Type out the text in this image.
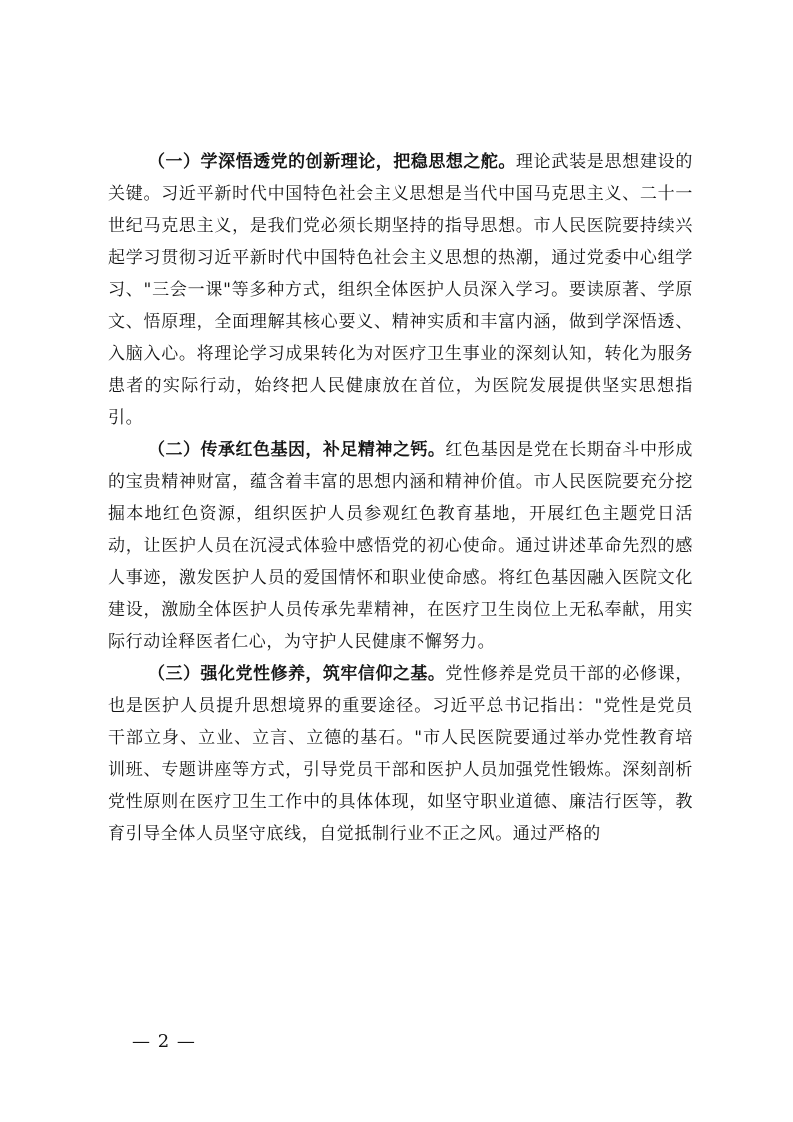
（一）学深悟透党的创新理论，把稳思想之舵。理论武装是思想建设的关键。习近平新时代中国特色社会主义思想是当代中国马克思主义、二十一世纪马克思主义，是我们党必须长期坚持的指导思想。市人民医院要持续兴起学习贯彻习近平新时代中国特色社会主义思想的热潮，通过党委中心组学习、"三会一课"等多种方式，组织全体医护人员深入学习。要读原著、学原文、悟原理，全面理解其核心要义、精神实质和丰富内涵，做到学深悟透、入脑入心。将理论学习成果转化为对医疗卫生事业的深刻认知，转化为服务患者的实际行动，始终把人民健康放在首位，为医院发展提供坚实思想指引。

（二）传承红色基因，补足精神之钙。红色基因是党在长期奋斗中形成的宝贵精神财富，蕴含着丰富的思想内涵和精神价值。市人民医院要充分挖掘本地红色资源，组织医护人员参观红色教育基地，开展红色主题党日活动，让医护人员在沉浸式体验中感悟党的初心使命。通过讲述革命先烈的感人事迹，激发医护人员的爱国情怀和职业使命感。将红色基因融入医院文化建设，激励全体医护人员传承先辈精神，在医疗卫生岗位上无私奉献，用实际行动诠释医者仁心，为守护人民健康不懈努力。

（三）强化党性修养，筑牢信仰之基。党性修养是党员干部的必修课，也是医护人员提升思想境界的重要途径。习近平总书记指出："党性是党员干部立身、立业、立言、立德的基石。"市人民医院要通过举办党性教育培训班、专题讲座等方式，引导党员干部和医护人员加强党性锻炼。深刻剖析党性原则在医疗卫生工作中的具体体现，如坚守职业道德、廉洁行医等，教育引导全体人员坚守底线，自觉抵制行业不正之风。通过严格的

— 2 —
